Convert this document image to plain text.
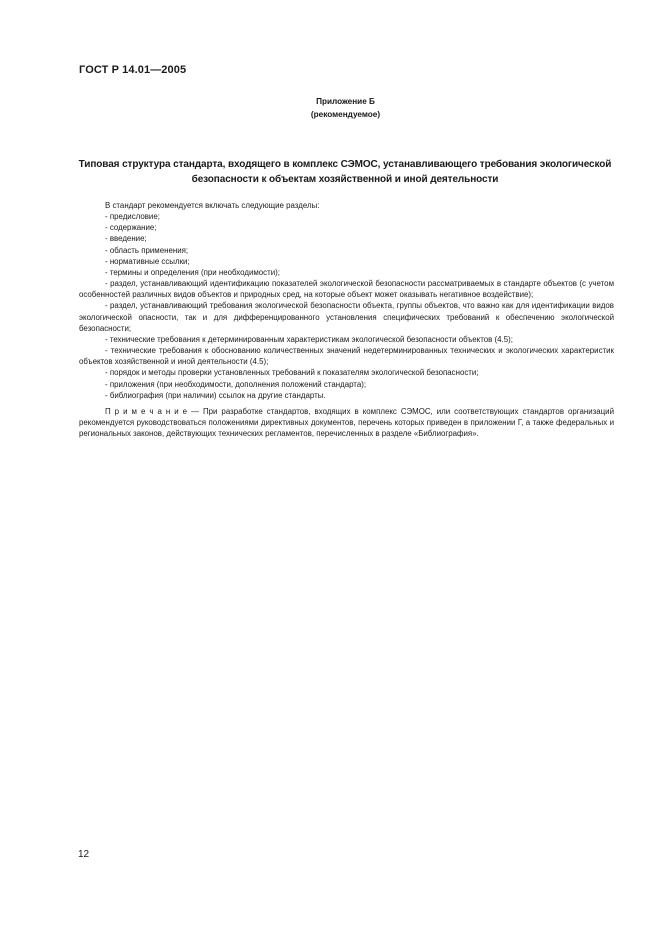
ГОСТ Р 14.01—2005
Приложение Б
(рекомендуемое)
Типовая структура стандарта, входящего в комплекс СЭМОС, устанавливающего требования экологической безопасности к объектам хозяйственной и иной деятельности

В стандарт рекомендуется включать следующие разделы:

- предисловие;

- содержание;

- введение;

- область применения;

- нормативные ссылки;

- термины и определения (при необходимости);

- раздел, устанавливающий идентификацию показателей экологической безопасности рассматриваемых в стандарте объектов (с учетом особенностей различных видов объектов и природных сред, на которые объект может оказывать негативное воздействие);

- раздел, устанавливающий требования экологической безопасности объекта, группы объектов, что важно как для идентификации видов экологической опасности, так и для дифференцированного установления специфических требований к обеспечению экологической безопасности;

- технические требования к детерминированным характеристикам экологической безопасности объектов (4.5);

- технические требования к обоснованию количественных значений недетерминированных технических и экологических характеристик объектов хозяйственной и иной деятельности (4.5);

- порядок и методы проверки установленных требований к показателям экологической безопасности;

- приложения (при необходимости, дополнения положений стандарта);

- библиография (при наличии) ссылок на другие стандарты.

П р и м е ч а н и е — При разработке стандартов, входящих в комплекс СЭМОС, или соответствующих стандартов организаций рекомендуется руководствоваться положениями директивных документов, перечень которых приведен в приложении Г, а также федеральных и региональных законов, действующих технических регламентов, перечисленных в разделе «Библиография».

12
